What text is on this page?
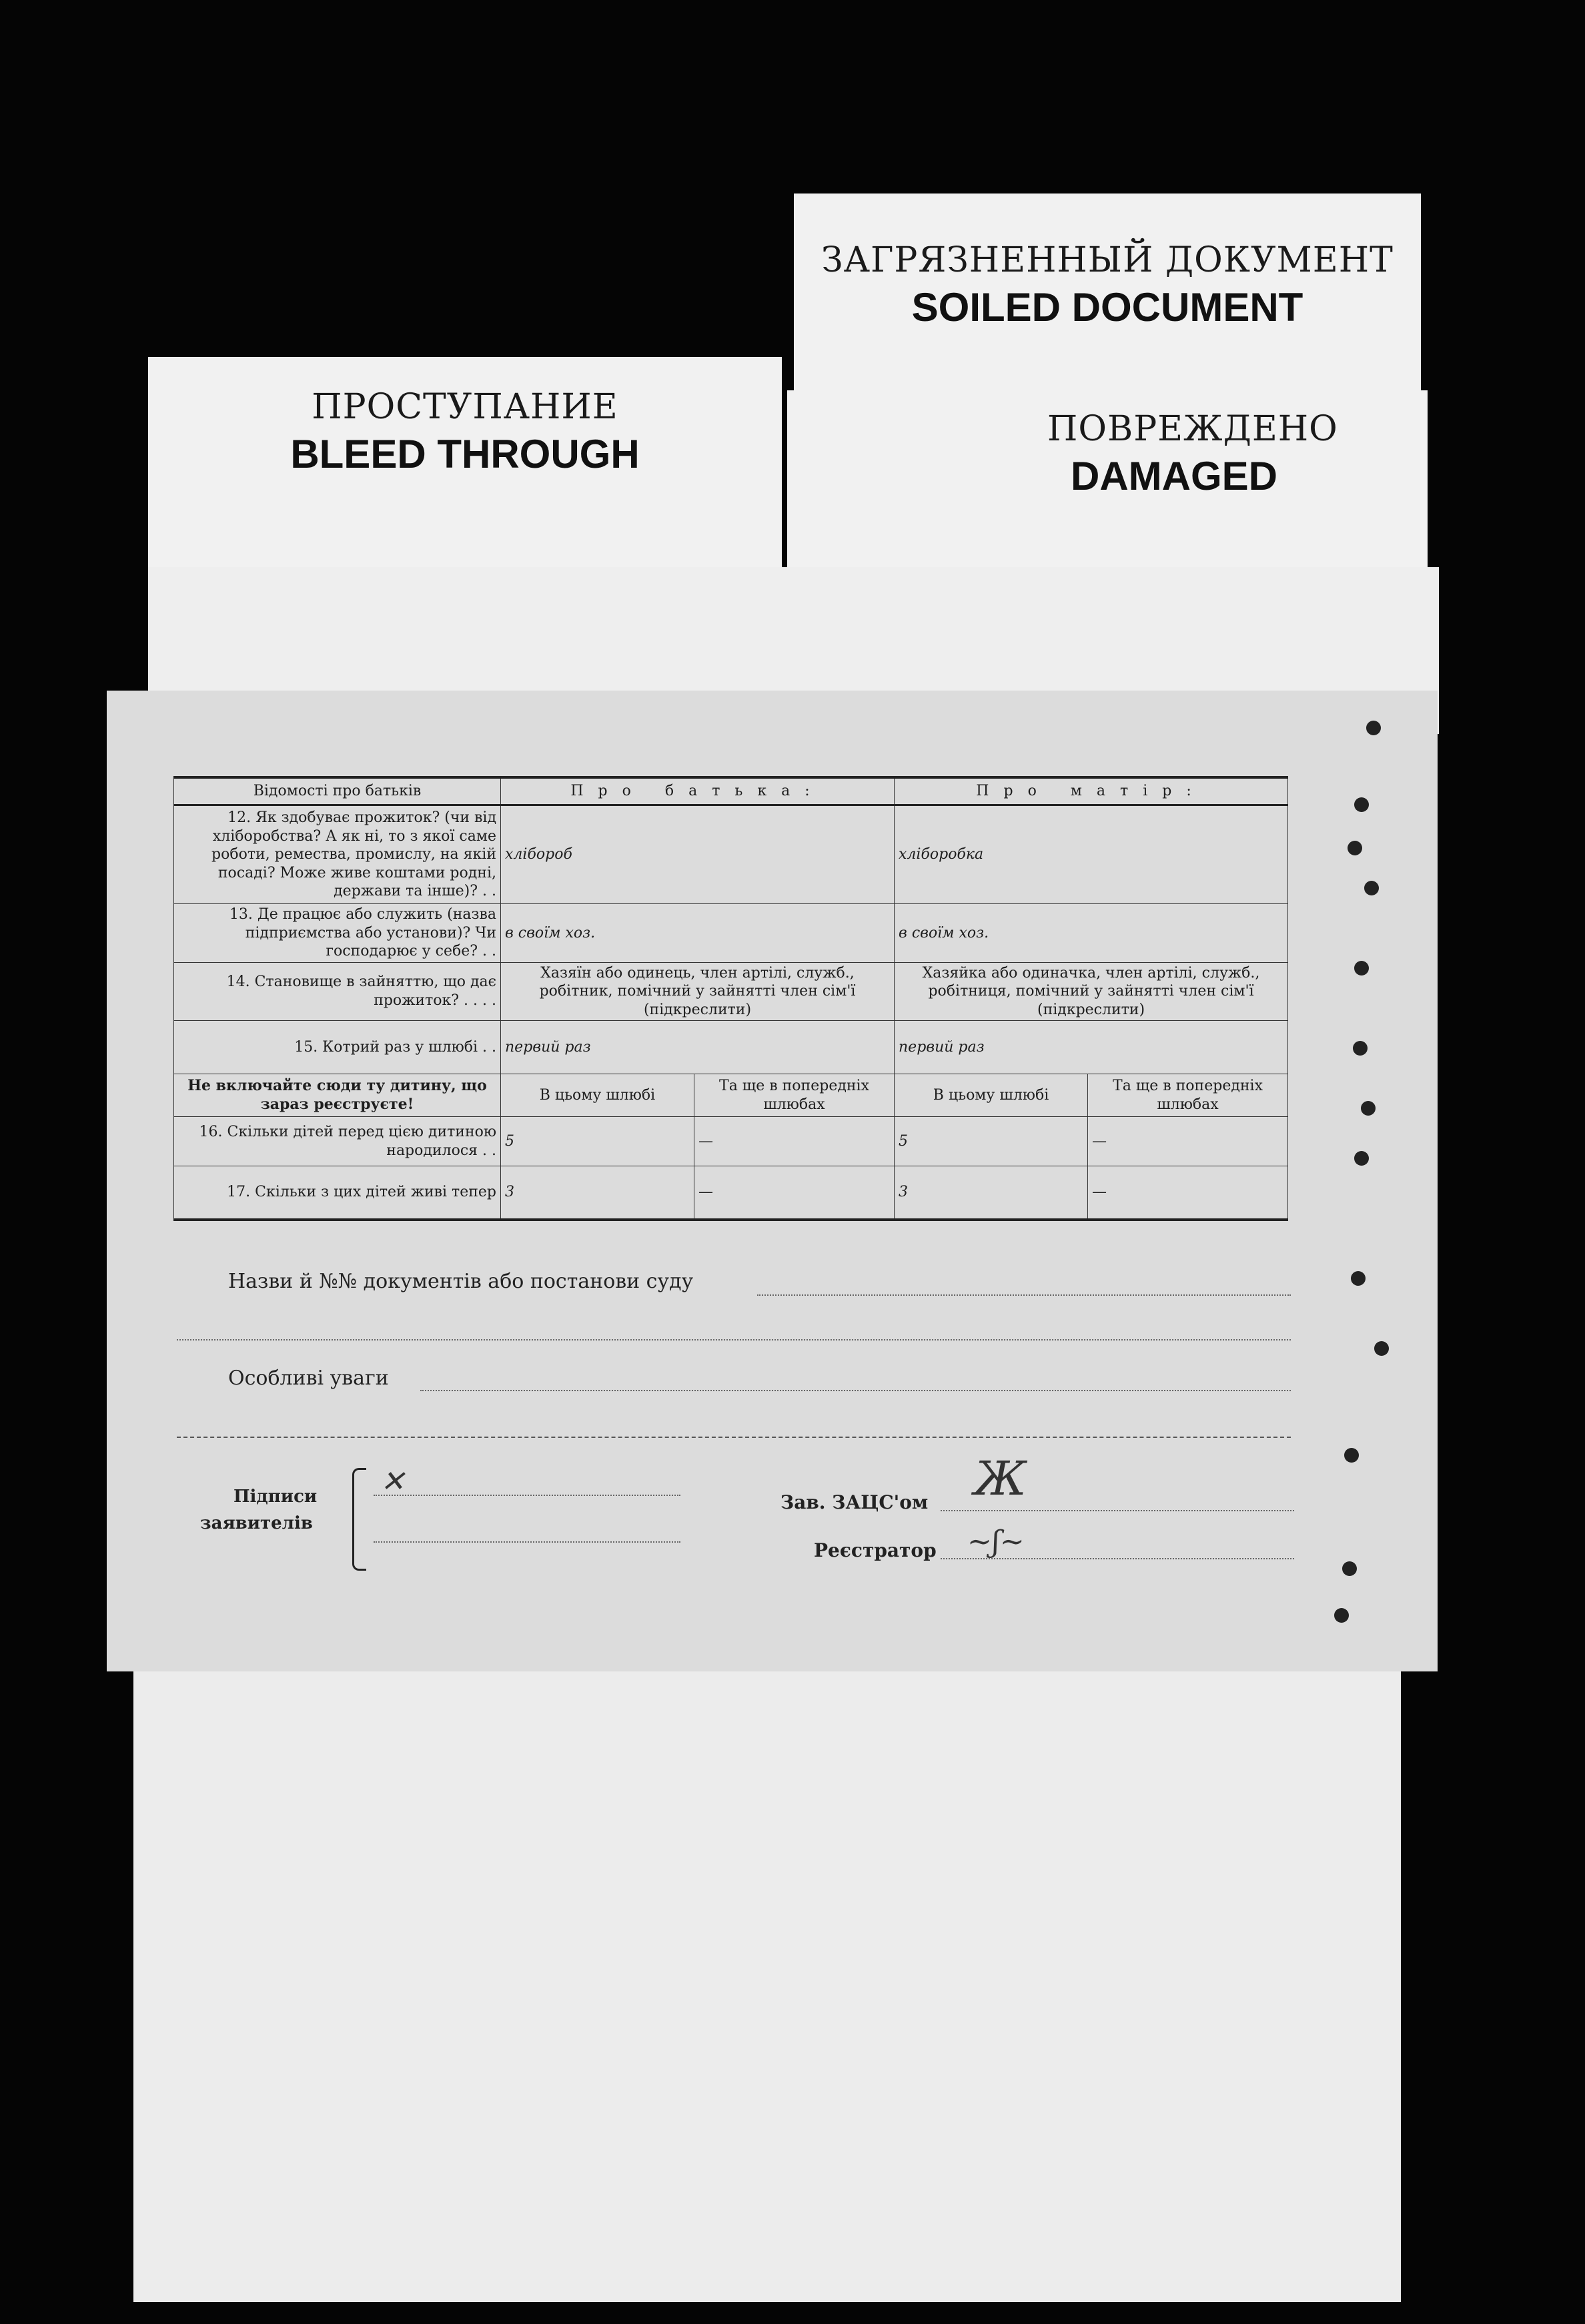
ЗАГРЯЗНЕННЫЙ ДОКУМЕНТ
SOILED DOCUMENT
ПРОСТУПАНИЕ
BLEED THROUGH
ПОВРЕЖДЕНО
DAMAGED
Відомості про батьків	Про батька:		Про матір:	
12. Як здобуває прожиток? (чи від хліборобства? А як ні, то з якої саме роботи, ремества, промислу, на якій посаді? Може живе коштами родні, держави та інше)? . .	хлібороб		хліборобка	
13. Де працює або служить (назва підприємства або установи)? Чи господарює у себе? . .	в своїм хоз.		в своїм хоз.	
14. Становище в зайняттю, що дає прожиток? . . . .	Хазяїн або одинець, член артілі, служб., робітник, помічний у зайнятті член сім'ї (підкреслити)		Хазяйка або одиначка, член артілі, служб., робітниця, помічний у зайнятті член сім'ї (підкреслити)	
15. Котрий раз у шлюбі . .	первий раз		первий раз	
Не включайте сюди ту дитину, що зараз реєструєте!	В цьому шлюбі	Та ще в попередніх шлюбах	В цьому шлюбі	Та ще в попередніх шлюбах
16. Скільки дітей перед цією дитиною народилося . .	5	—	5	—
17. Скільки з цих дітей живі тепер	3	—	3	—
Назви й №№ документів або постанови суду
Особливі уваги
Підписи
заявителів
✕
Зав. ЗАЦС'ом Ж
Реєстратор ~ʃ~
